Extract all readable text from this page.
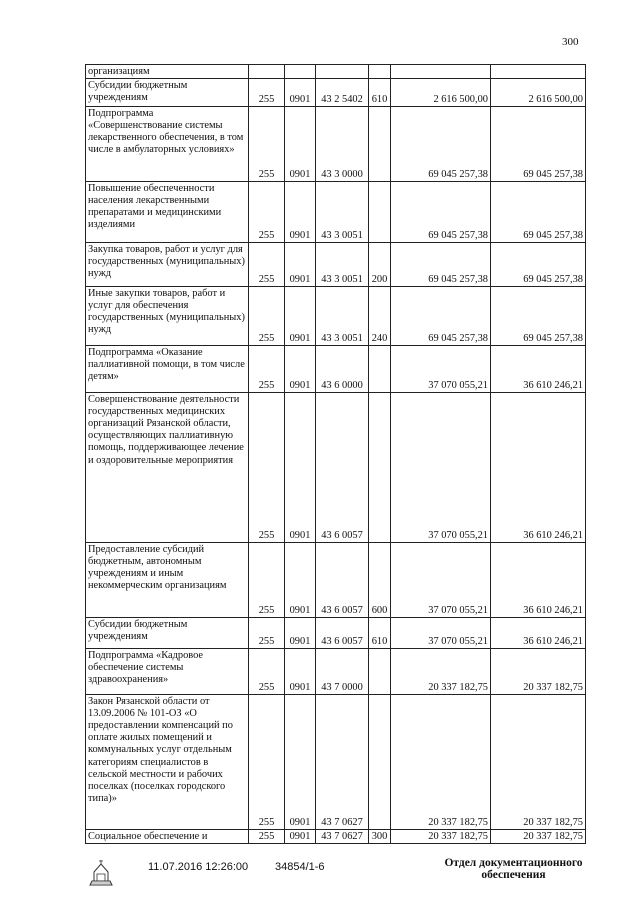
300
организациям						
Субсидии бюджетным учреждениям	255	0901	43 2 5402	610	2 616 500,00	2 616 500,00
Подпрограмма «Совершенствование системы лекарственного обеспечения, в том числе в амбулаторных условиях»	255	0901	43 3 0000		69 045 257,38	69 045 257,38
Повышение обеспеченности населения лекарственными препаратами и медицинскими изделиями	255	0901	43 3 0051		69 045 257,38	69 045 257,38
Закупка товаров, работ и услуг для государственных (муниципальных) нужд	255	0901	43 3 0051	200	69 045 257,38	69 045 257,38
Иные закупки товаров, работ и услуг для обеспечения государственных (муниципальных) нужд	255	0901	43 3 0051	240	69 045 257,38	69 045 257,38
Подпрограмма «Оказание паллиативной помощи, в том числе детям»	255	0901	43 6 0000		37 070 055,21	36 610 246,21
Совершенствование деятельности государственных медицинских организаций Рязанской области, осуществляющих паллиативную помощь, поддерживающее лечение и оздоровительные мероприятия	255	0901	43 6 0057		37 070 055,21	36 610 246,21
Предоставление субсидий бюджетным, автономным учреждениям и иным некоммерческим организациям	255	0901	43 6 0057	600	37 070 055,21	36 610 246,21
Субсидии бюджетным учреждениям	255	0901	43 6 0057	610	37 070 055,21	36 610 246,21
Подпрограмма «Кадровое обеспечение системы здравоохранения»	255	0901	43 7 0000		20 337 182,75	20 337 182,75
Закон Рязанской области от 13.09.2006 № 101-ОЗ «О предоставлении компенсаций по оплате жилых помещений и коммунальных услуг отдельным категориям специалистов в сельской местности и рабочих поселках (поселках городского типа)»	255	0901	43 7 0627		20 337 182,75	20 337 182,75
Социальное обеспечение и	255	0901	43 7 0627	300	20 337 182,75	20 337 182,75
11.07.2016 12:26:00 34854/1-6	Отдел документационного
обеспечения
